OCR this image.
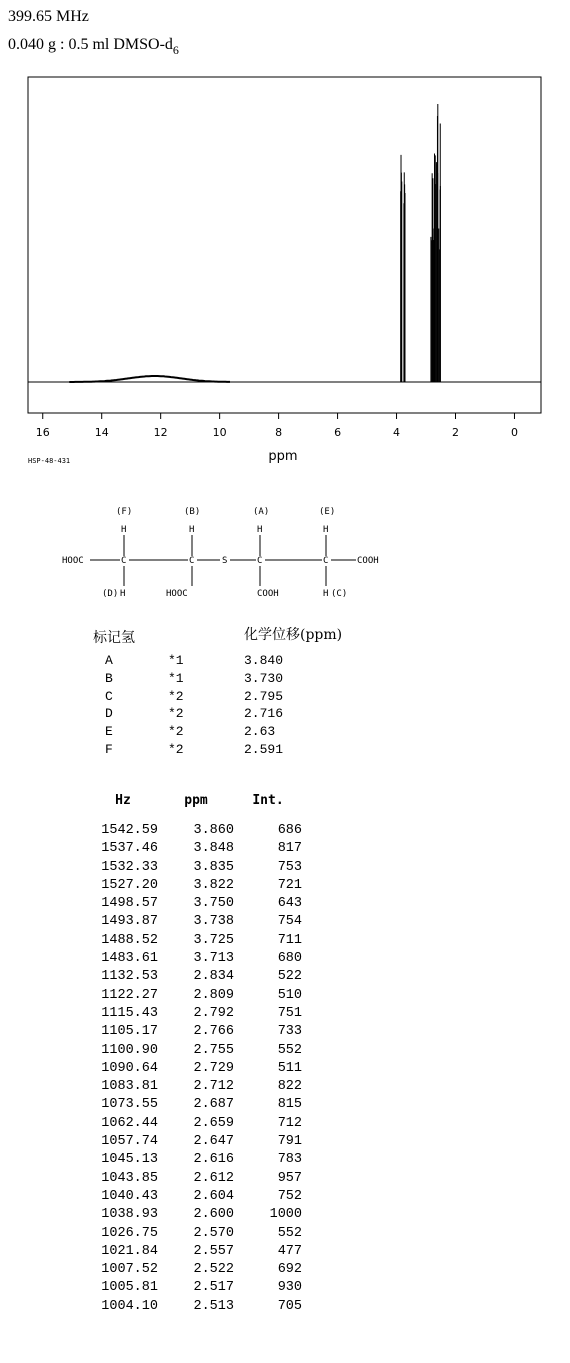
399.65 MHz
0.040 g : 0.5 ml DMSO-$d_6$
16	14	12	10	8	6	4	2	0
ppm
HSP-48-431
(F)	(B)	(A)	(E)
H	H	H	H
HOOC	C	C	S	C	C	COOH
(D) H	HOOC	COOH	H (C)
标记氢	化学位移(ppm)
A	*1	3.840
B	*1	3.730
C	*2	2.795
D	*2	2.716
E	*2	2.63
F	*2	2.591
Hz	ppm	Int.

1542.59	3.860	686
1537.46	3.848	817
1532.33	3.835	753
1527.20	3.822	721
1498.57	3.750	643
1493.87	3.738	754
1488.52	3.725	711
1483.61	3.713	680
1132.53	2.834	522
1122.27	2.809	510
1115.43	2.792	751
1105.17	2.766	733
1100.90	2.755	552
1090.64	2.729	511
1083.81	2.712	822
1073.55	2.687	815
1062.44	2.659	712
1057.74	2.647	791
1045.13	2.616	783
1043.85	2.612	957
1040.43	2.604	752
1038.93	2.600	1000
1026.75	2.570	552
1021.84	2.557	477
1007.52	2.522	692
1005.81	2.517	930
1004.10	2.513	705
